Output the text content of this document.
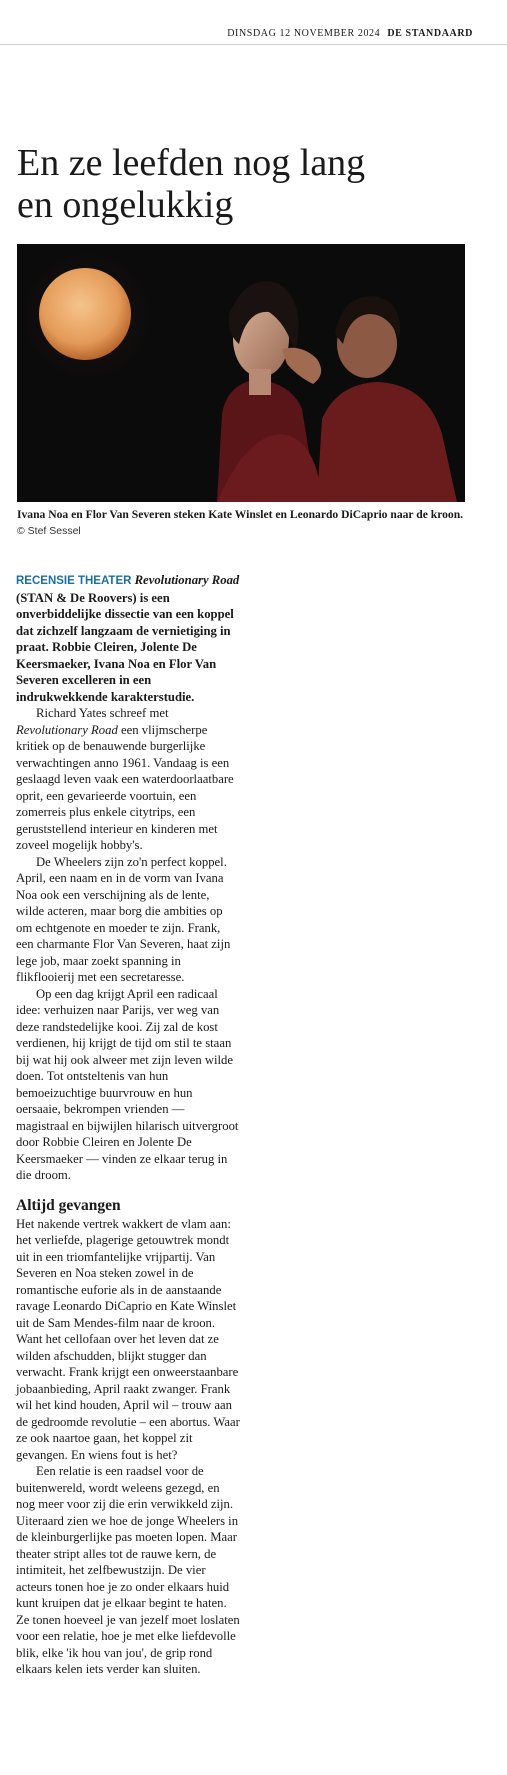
DINSDAG 12 NOVEMBER 2024 DE STANDAARD
En ze leefden nog lang
en ongelukkig
Ivana Noa en Flor Van Severen steken Kate Winslet en Leonardo DiCaprio naar de kroon. © Stef Sessel

RECENSIE THEATER Revolutionary Road (STAN & De Roovers) is een onverbiddelijke dissectie van een koppel dat zichzelf langzaam de vernietiging in praat. Robbie Cleiren, Jolente De Keersmaeker, Ivana Noa en Flor Van Severen excelleren in een indrukwekkende karakterstudie.

Richard Yates schreef met Revolutionary Road een vlijmscherpe kritiek op de benauwende burgerlijke verwachtingen anno 1961. Vandaag is een geslaagd leven vaak een waterdoorlaatbare oprit, een gevarieerde voortuin, een zomerreis plus enkele citytrips, een geruststellend interieur en kinderen met zoveel mogelijk hobby's.

De Wheelers zijn zo'n perfect koppel. April, een naam en in de vorm van Ivana Noa ook een verschijning als de lente, wilde acteren, maar borg die ambities op om echtgenote en moeder te zijn. Frank, een charmante Flor Van Severen, haat zijn lege job, maar zoekt spanning in flikflooierij met een secretaresse.

Op een dag krijgt April een radicaal idee: verhuizen naar Parijs, ver weg van deze randstedelijke kooi. Zij zal de kost verdienen, hij krijgt de tijd om stil te staan bij wat hij ook alweer met zijn leven wilde doen. Tot ontsteltenis van hun bemoeizuchtige buurvrouw en hun oersaaie, bekrompen vrienden — magistraal en bijwijlen hilarisch uitvergroot door Robbie Cleiren en Jolente De Keersmaeker — vinden ze elkaar terug in die droom.

Altijd gevangen

Het nakende vertrek wakkert de vlam aan: het verliefde, plagerige getouwtrek mondt uit in een triomfantelijke vrijpartij. Van Severen en Noa steken zowel in de romantische euforie als in de aanstaande ravage Leonardo DiCaprio en Kate Winslet uit de Sam Mendes-film naar de kroon. Want het cellofaan over het leven dat ze wilden afschudden, blijkt stugger dan verwacht. Frank krijgt een onweerstaanbare jobaanbieding, April raakt zwanger. Frank wil het kind houden, April wil – trouw aan de gedroomde revolutie – een abortus. Waar ze ook naartoe gaan, het koppel zit gevangen. En wiens fout is het?

Een relatie is een raadsel voor de buitenwereld, wordt weleens gezegd, en nog meer voor zij die erin verwikkeld zijn. Uiteraard zien we hoe de jonge Wheelers in de kleinburgerlijke pas moeten lopen. Maar theater stript alles tot de rauwe kern, de intimiteit, het zelfbewustzijn. De vier acteurs tonen hoe je zo onder elkaars huid kunt kruipen dat je elkaar begint te haten. Ze tonen hoeveel je van jezelf moet loslaten voor een relatie, hoe je met elke liefdevolle blik, elke 'ik hou van jou', de grip rond elkaars kelen iets verder kan sluiten.
